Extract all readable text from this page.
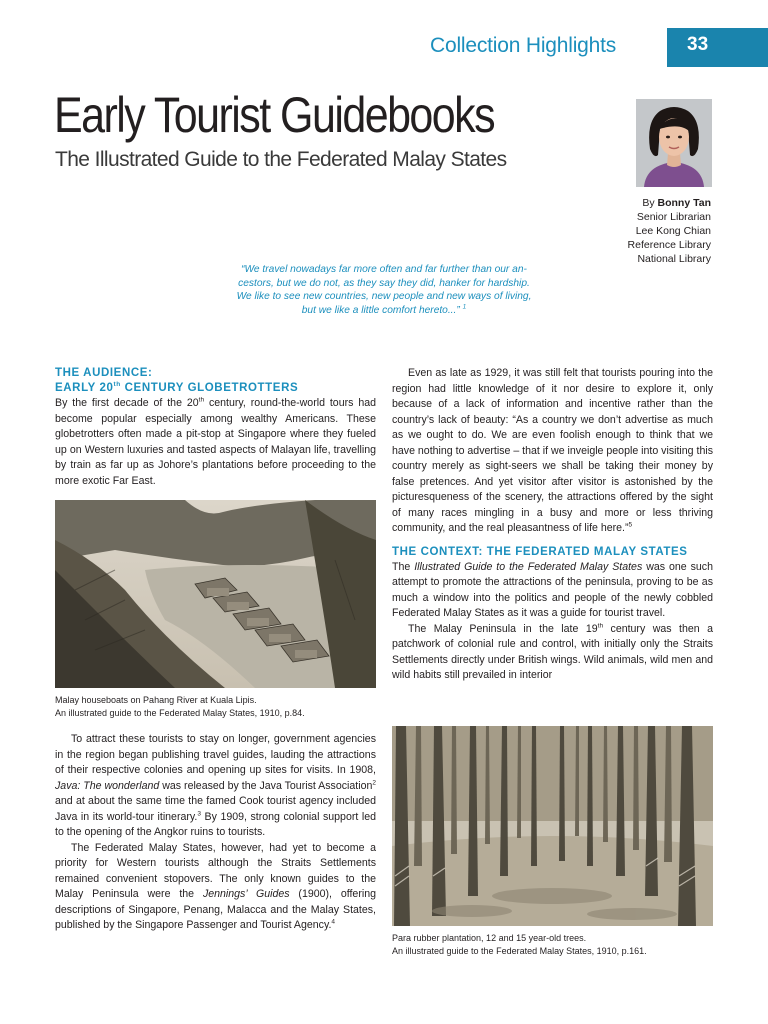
Collection Highlights	33
Early Tourist Guidebooks
The Illustrated Guide to the Federated Malay States
By Bonny Tan
Senior Librarian
Lee Kong Chian
Reference Library
National Library
“We travel nowadays far more often and far further than our an-
cestors, but we do not, as they say they did, hanker for hardship.
We like to see new countries, new people and new ways of living,
but we like a little comfort hereto...” $^1$
THE AUDIENCE:
EARLY 20th CENTURY GLOBETROTTERS

By the first decade of the 20th century, round-the-world tours had become popular especially among wealthy Americans. These globetrotters often made a pit-stop at Singapore where they fueled up on Western luxuries and tasted aspects of Malayan life, travelling by train as far up as Johore’s plantations before proceeding to the more exotic Far East.

Malay houseboats on Pahang River at Kuala Lipis.
An illustrated guide to the Federated Malay States, 1910, p.84.

To attract these tourists to stay on longer, government agencies in the region began publishing travel guides, lauding the attractions of their respective colonies and opening up sites for visits. In 1908, Java: The wonderland was released by the Java Tourist Association$^2$ and at about the same time the famed Cook tourist agency included Java in its world-tour itinerary.$^3$ By 1909, strong colonial support led to the opening of the Angkor ruins to tourists.

The Federated Malay States, however, had yet to become a priority for Western tourists although the Straits Settlements remained convenient stopovers. The only known guides to the Malay Peninsula were the Jennings’ Guides (1900), offering descriptions of Singapore, Penang, Malacca and the Malay States, published by the Singapore Passenger and Tourist Agency.$^4$

Even as late as 1929, it was still felt that tourists pouring into the region had little knowledge of it nor desire to explore it, only because of a lack of information and incentive rather than the country’s lack of beauty: “As a country we don’t advertise as much as we ought to do. We are even foolish enough to think that we have nothing to advertise – that if we inveigle people into visiting this country merely as sight-seers we shall be taking their money by false pretences. And yet visitor after visitor is astonished by the picturesqueness of the scenery, the attractions offered by the sight of many races mingling in a busy and more or less thriving community, and the real pleasantness of life here.”$^5$

THE CONTEXT: THE FEDERATED MALAY STATES

The Illustrated Guide to the Federated Malay States was one such attempt to promote the attractions of the peninsula, proving to be as much a window into the politics and people of the newly cobbled Federated Malay States as it was a guide for tourist travel.

The Malay Peninsula in the late 19th century was then a patchwork of colonial rule and control, with initially only the Straits Settlements directly under British wings. Wild animals, wild men and wild habits still prevailed in interior

Para rubber plantation, 12 and 15 year-old trees.
An illustrated guide to the Federated Malay States, 1910, p.161.
